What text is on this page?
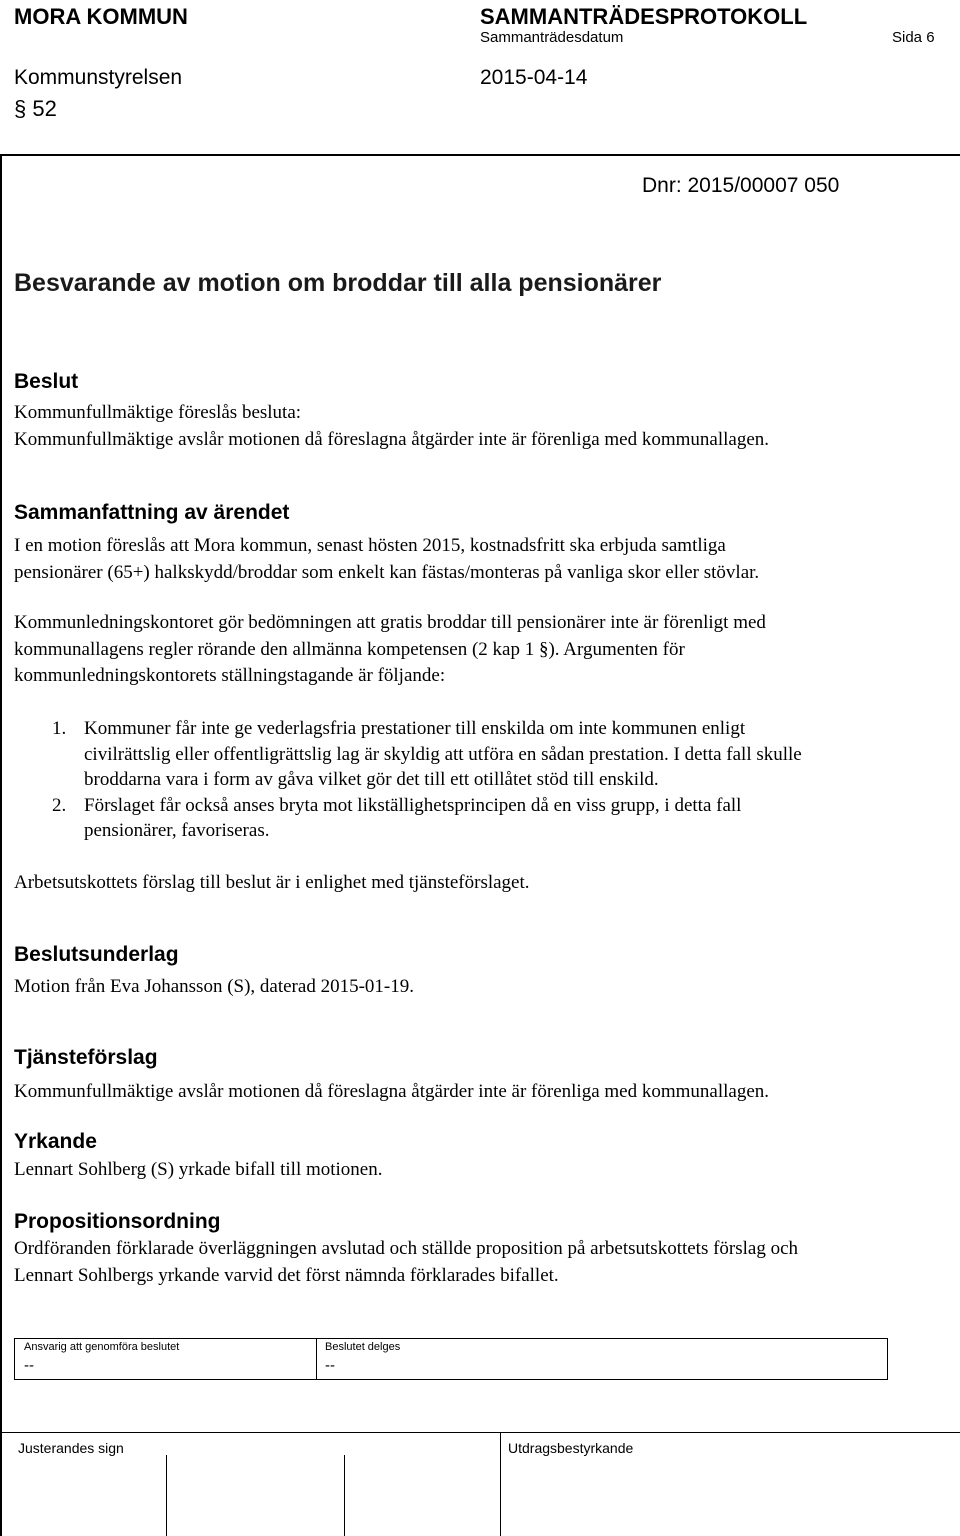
MORA KOMMUN	SAMMANTRÄDESPROTOKOLL
Sammanträdesdatum	Sida 6
Kommunstyrelsen	2015-04-14
§ 52
Dnr: 2015/00007 050
Besvarande av motion om broddar till alla pensionärer
Beslut
Kommunfullmäktige föreslås besluta:
Kommunfullmäktige avslår motionen då föreslagna åtgärder inte är förenliga med kommunallagen.
Sammanfattning av ärendet
I en motion föreslås att Mora kommun, senast hösten 2015, kostnadsfritt ska erbjuda samtliga
pensionärer (65+) halkskydd/broddar som enkelt kan fästas/monteras på vanliga skor eller stövlar.
Kommunledningskontoret gör bedömningen att gratis broddar till pensionärer inte är förenligt med
kommunallagens regler rörande den allmänna kompetensen (2 kap 1 §). Argumenten för
kommunledningskontorets ställningstagande är följande:
1. Kommuner får inte ge vederlagsfria prestationer till enskilda om inte kommunen enligt
civilrättslig eller offentligrättslig lag är skyldig att utföra en sådan prestation. I detta fall skulle
broddarna vara i form av gåva vilket gör det till ett otillåtet stöd till enskild.
2. Förslaget får också anses bryta mot likställighetsprincipen då en viss grupp, i detta fall
pensionärer, favoriseras.
Arbetsutskottets förslag till beslut är i enlighet med tjänsteförslaget.
Beslutsunderlag
Motion från Eva Johansson (S), daterad 2015-01-19.
Tjänsteförslag
Kommunfullmäktige avslår motionen då föreslagna åtgärder inte är förenliga med kommunallagen.
Yrkande
Lennart Sohlberg (S) yrkade bifall till motionen.
Propositionsordning
Ordföranden förklarade överläggningen avslutad och ställde proposition på arbetsutskottets förslag och
Lennart Sohlbergs yrkande varvid det först nämnda förklarades bifallet.
Ansvarig att genomföra beslutet
--
Beslutet delges
--
Justerandes sign	Utdragsbestyrkande
